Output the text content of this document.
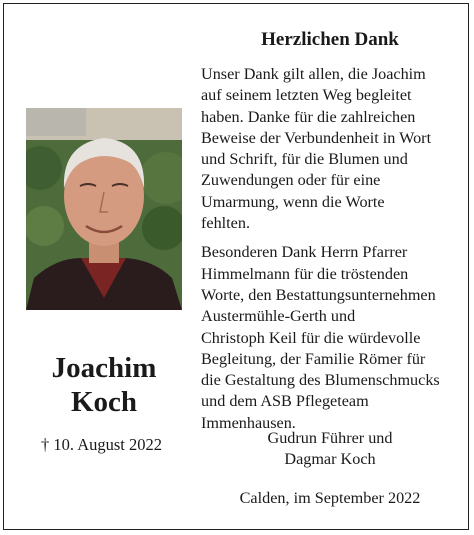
Herzlichen Dank

Unser Dank gilt allen, die Joachim
auf seinem letzten Weg begleitet
haben. Danke für die zahlreichen
Beweise der Verbundenheit in Wort
und Schrift, für die Blumen und
Zuwendungen oder für eine
Umarmung, wenn die Worte
fehlten.

Besonderen Dank Herrn Pfarrer
Himmelmann für die tröstenden
Worte, den Bestattungsunternehmen
Austermühle-Gerth und
Christoph Keil für die würdevolle
Begleitung, der Familie Römer für
die Gestaltung des Blumenschmucks
und dem ASB Pflegeteam
Immenhausen.

Joachim
Koch
† 10. August 2022	Gudrun Führer und
Dagmar Koch
Calden, im September 2022
